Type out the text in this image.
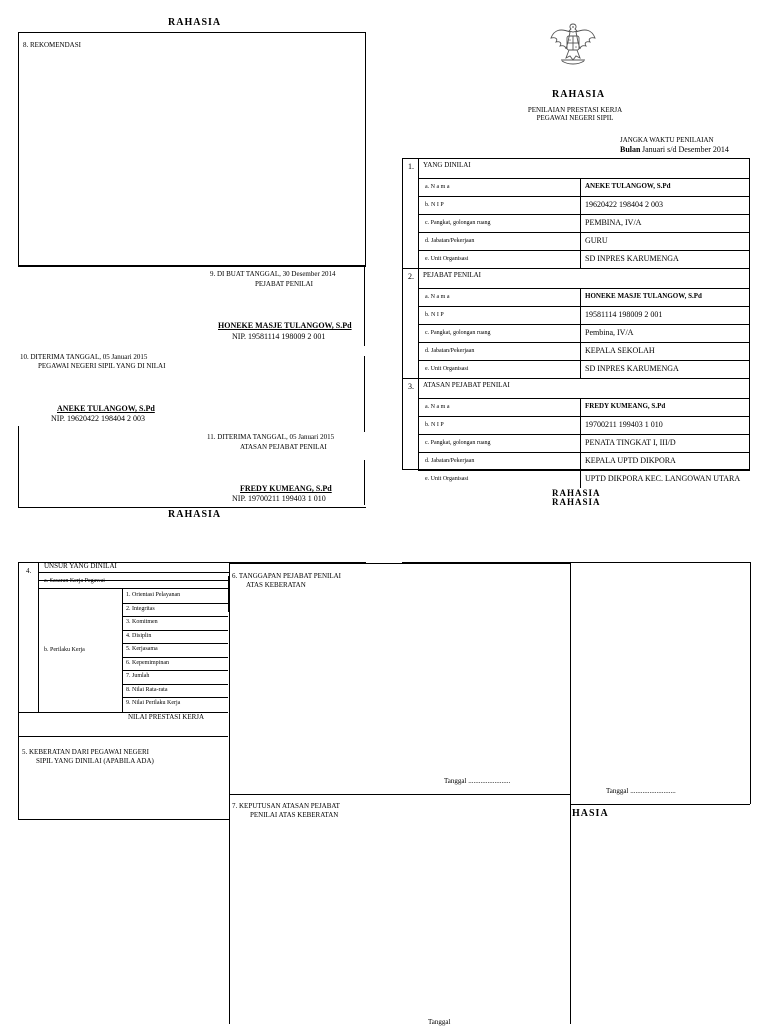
RAHASIA
8. REKOMENDASI
9. DI BUAT TANGGAL, 30 Desember 2014
PEJABAT PENILAI
HONEKE MASJE TULANGOW, S.Pd
NIP. 19581114 198009 2 001
10. DITERIMA TANGGAL, 05 Januari 2015
PEGAWAI NEGERI SIPIL YANG DI NILAI
ANEKE TULANGOW, S.Pd
NIP. 19620422 198404 2 003
11. DITERIMA TANGGAL, 05 Januari 2015
ATASAN PEJABAT PENILAI
FREDY KUMEANG, S.Pd
NIP. 19700211 199403 1 010
RAHASIA
RAHASIA
PENILAIAN PRESTASI KERJA
PEGAWAI NEGERI SIPIL
JANGKA WAKTU PENILAIAN
Bulan Januari s/d Desember 2014
1. YANG DINILAI
a. N a m a	ANEKE TULANGOW, S.Pd
b. N I P	19620422 198404 2 003
c. Pangkat, golongan ruang	PEMBINA, IV/A
d. Jabatan/Pekerjaan	GURU
e. Unit Organisasi	SD INPRES KARUMENGA
2. PEJABAT PENILAI
a. N a m a	HONEKE MASJE TULANGOW, S.Pd
b. N I P	19581114 198009 2 001
c. Pangkat, golongan ruang	Pembina, IV/A
d. Jabatan/Pekerjaan	KEPALA SEKOLAH
e. Unit Organisasi	SD INPRES KARUMENGA
3. ATASAN PEJABAT PENILAI
a. N a m a	FREDY KUMEANG, S.Pd
b. N I P	19700211 199403 1 010
c. Pangkat, golongan ruang	PENATA TINGKAT I, III/D
d. Jabatan/Pekerjaan	KEPALA UPTD DIKPORA
e. Unit Organisasi	UPTD DIKPORA KEC. LANGOWAN UTARA
RAHASIA
RAHASIA
4.
UNSUR YANG DINILAI
a. Sasaran Kerja Pegawai
b. Perilaku Kerja
1. Orientasi Pelayanan
2. Integritas
3. Komitmen
4. Disiplin
5. Kerjasama
6. Kepemimpinan
7. Jumlah
8. Nilai Rata-rata
9. Nilai Perilaku Kerja
NILAI PRESTASI KERJA
5. KEBERATAN DARI PEGAWAI NEGERI
SIPIL YANG DINILAI (APABILA ADA)
Tanggal ..........................
HASIA
6. TANGGAPAN PEJABAT PENILAI
ATAS KEBERATAN
Tanggal ........................
7. KEPUTUSAN ATASAN PEJABAT
PENILAI ATAS KEBERATAN
Tanggal
